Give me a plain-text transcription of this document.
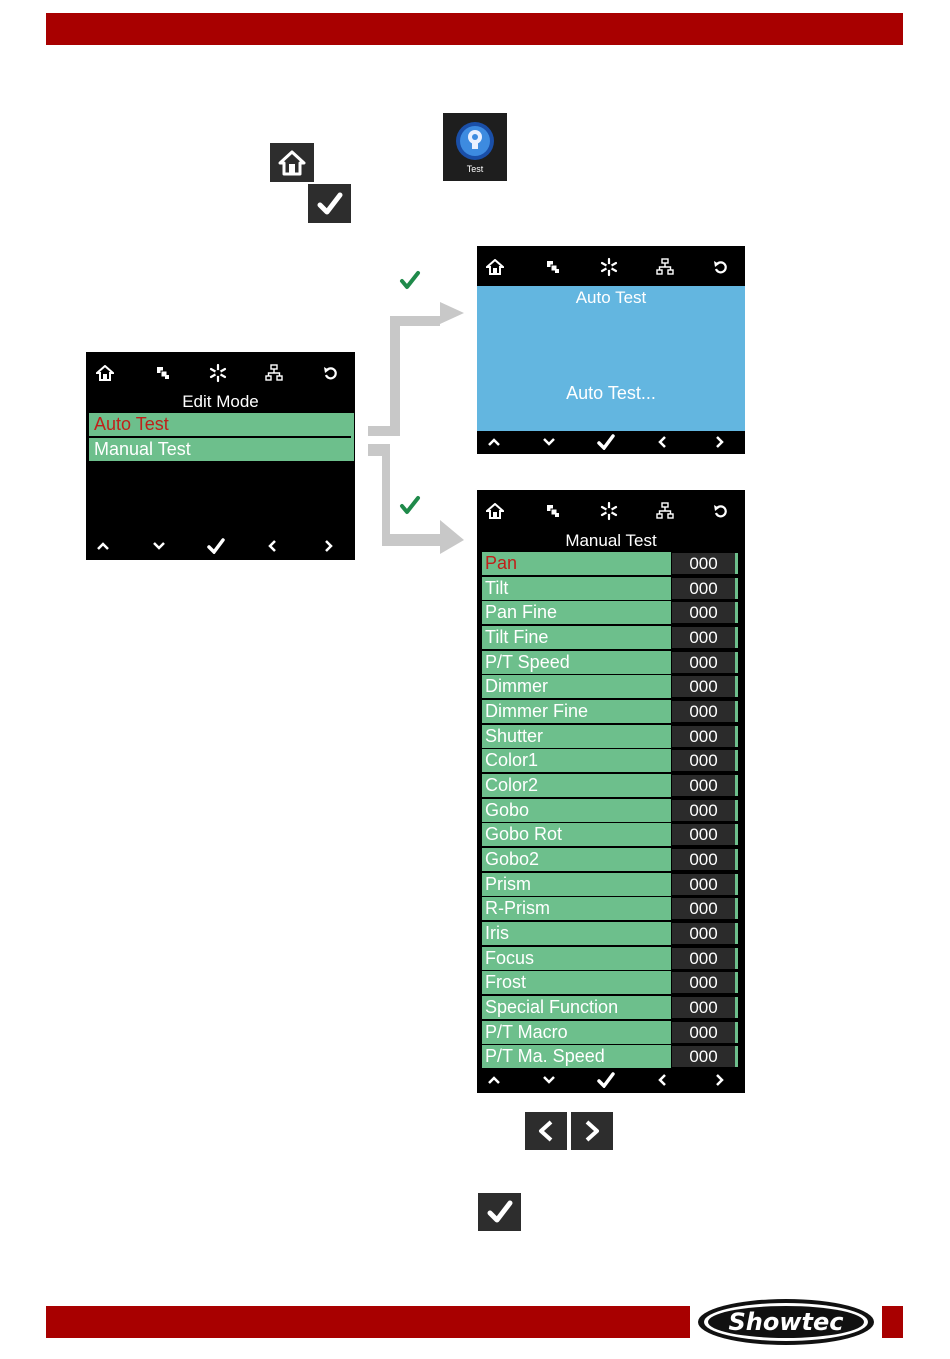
Showtec
Test
Edit Mode
Auto Test
Manual Test
Auto Test
Auto Test...
Manual Test
Pan	000
Tilt	000
Pan Fine	000
Tilt Fine	000
P/T Speed	000
Dimmer	000
Dimmer Fine	000
Shutter	000
Color1	000
Color2	000
Gobo	000
Gobo Rot	000
Gobo2	000
Prism	000
R-Prism	000
Iris	000
Focus	000
Frost	000
Special Function	000
P/T Macro	000
P/T Ma. Speed	000
